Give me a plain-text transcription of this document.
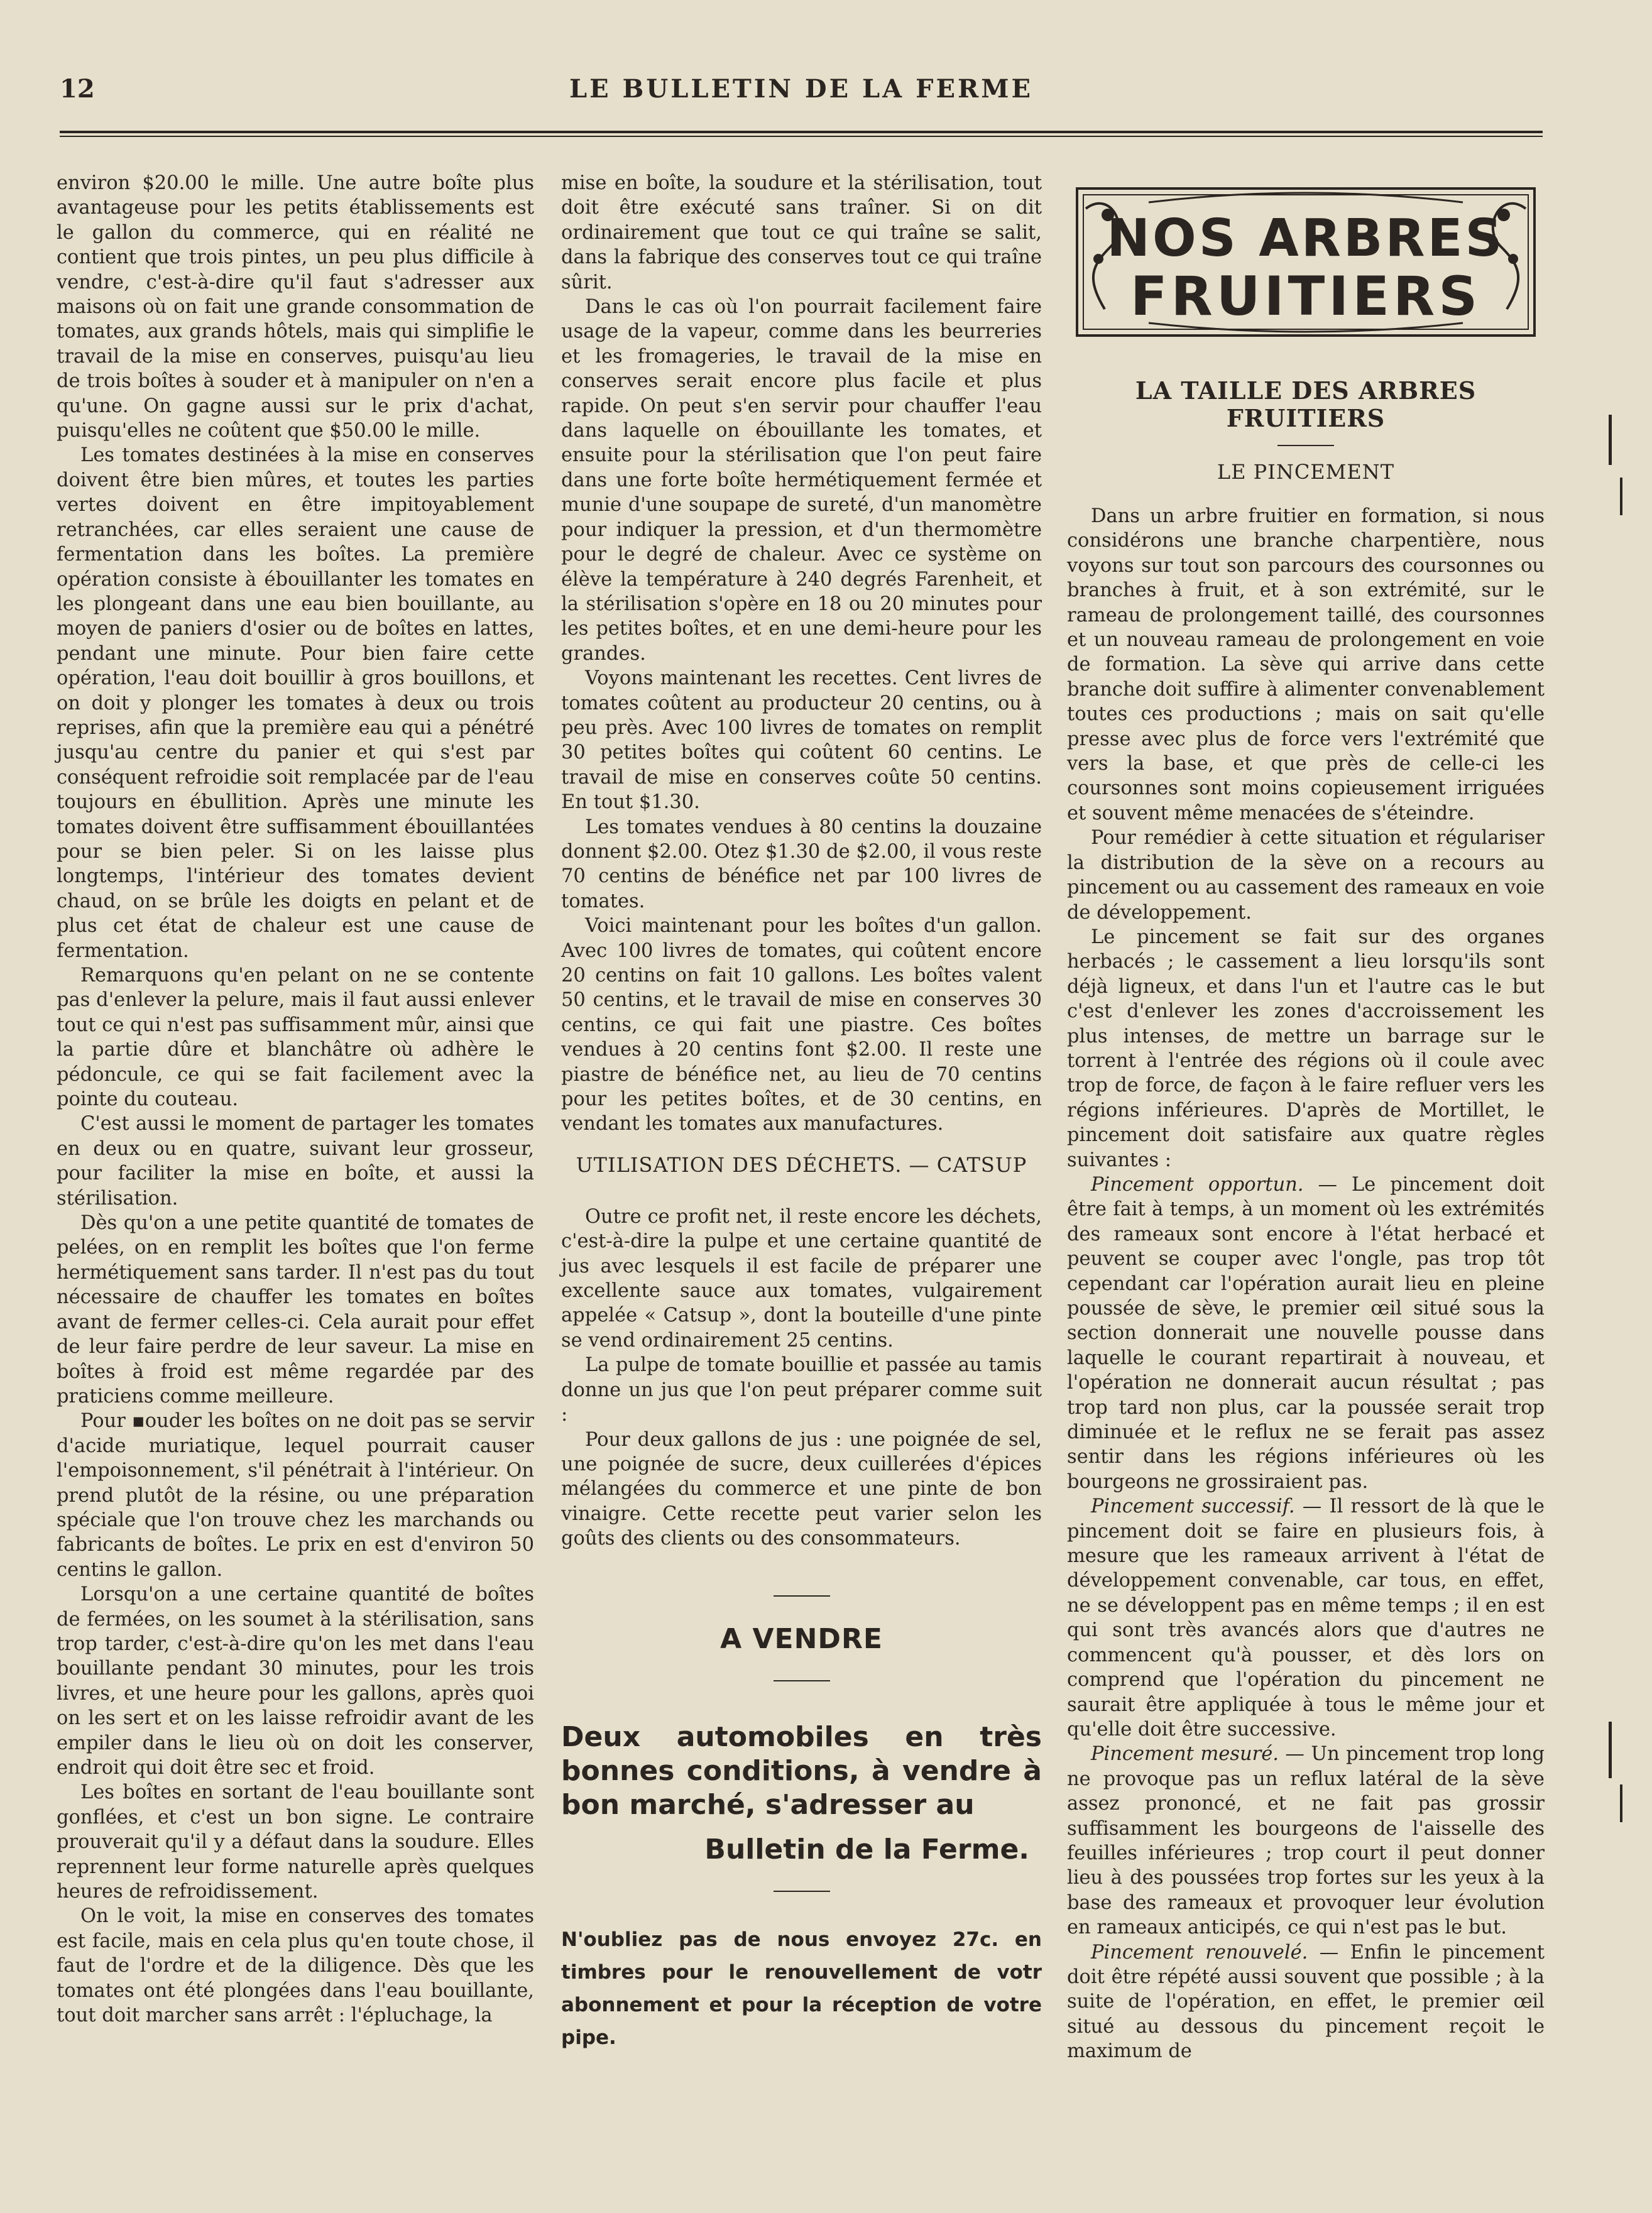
12	LE BULLETIN DE LA FERME

environ $20.00 le mille. Une autre boîte plus avantageuse pour les petits établissements est le gallon du commerce, qui en réalité ne contient que trois pintes, un peu plus difficile à vendre, c'est-à-dire qu'il faut s'adresser aux maisons où on fait une grande consommation de tomates, aux grands hôtels, mais qui simplifie le travail de la mise en conserves, puisqu'au lieu de trois boîtes à souder et à manipuler on n'en a qu'une. On gagne aussi sur le prix d'achat, puisqu'elles ne coûtent que $50.00 le mille.

Les tomates destinées à la mise en conserves doivent être bien mûres, et toutes les parties vertes doivent en être impitoyablement retranchées, car elles seraient une cause de fermentation dans les boîtes. La première opération consiste à ébouillanter les tomates en les plongeant dans une eau bien bouillante, au moyen de paniers d'osier ou de boîtes en lattes, pendant une minute. Pour bien faire cette opération, l'eau doit bouillir à gros bouillons, et on doit y plonger les tomates à deux ou trois reprises, afin que la première eau qui a pénétré jusqu'au centre du panier et qui s'est par conséquent refroidie soit remplacée par de l'eau toujours en ébullition. Après une minute les tomates doivent être suffisamment ébouillantées pour se bien peler. Si on les laisse plus longtemps, l'intérieur des tomates devient chaud, on se brûle les doigts en pelant et de plus cet état de chaleur est une cause de fermentation.

Remarquons qu'en pelant on ne se contente pas d'enlever la pelure, mais il faut aussi enlever tout ce qui n'est pas suffisamment mûr, ainsi que la partie dûre et blanchâtre où adhère le pédoncule, ce qui se fait facilement avec la pointe du couteau.

C'est aussi le moment de partager les tomates en deux ou en quatre, suivant leur grosseur, pour faciliter la mise en boîte, et aussi la stérilisation.

Dès qu'on a une petite quantité de tomates de pelées, on en remplit les boîtes que l'on ferme hermétiquement sans tarder. Il n'est pas du tout nécessaire de chauffer les tomates en boîtes avant de fermer celles-ci. Cela aurait pour effet de leur faire perdre de leur saveur. La mise en boîtes à froid est même regardée par des praticiens comme meilleure.

Pour ▪ouder les boîtes on ne doit pas se servir d'acide muriatique, lequel pourrait causer l'empoisonnement, s'il pénétrait à l'intérieur. On prend plutôt de la résine, ou une préparation spéciale que l'on trouve chez les marchands ou fabricants de boîtes. Le prix en est d'environ 50 centins le gallon.

Lorsqu'on a une certaine quantité de boîtes de fermées, on les soumet à la stérilisation, sans trop tarder, c'est-à-dire qu'on les met dans l'eau bouillante pendant 30 minutes, pour les trois livres, et une heure pour les gallons, après quoi on les sert et on les laisse refroidir avant de les empiler dans le lieu où on doit les conserver, endroit qui doit être sec et froid.

Les boîtes en sortant de l'eau bouillante sont gonflées, et c'est un bon signe. Le contraire prouverait qu'il y a défaut dans la soudure. Elles reprennent leur forme naturelle après quelques heures de refroidissement.

On le voit, la mise en conserves des tomates est facile, mais en cela plus qu'en toute chose, il faut de l'ordre et de la diligence. Dès que les tomates ont été plongées dans l'eau bouillante, tout doit marcher sans arrêt : l'épluchage, la

mise en boîte, la soudure et la stérilisation, tout doit être exécuté sans traîner. Si on dit ordinairement que tout ce qui traîne se salit, dans la fabrique des conserves tout ce qui traîne sûrit.

Dans le cas où l'on pourrait facilement faire usage de la vapeur, comme dans les beurreries et les fromageries, le travail de la mise en conserves serait encore plus facile et plus rapide. On peut s'en servir pour chauffer l'eau dans laquelle on ébouillante les tomates, et ensuite pour la stérilisation que l'on peut faire dans une forte boîte hermétiquement fermée et munie d'une soupape de sureté, d'un manomètre pour indiquer la pression, et d'un thermomètre pour le degré de chaleur. Avec ce système on élève la température à 240 degrés Farenheit, et la stérilisation s'opère en 18 ou 20 minutes pour les petites boîtes, et en une demi-heure pour les grandes.

Voyons maintenant les recettes. Cent livres de tomates coûtent au producteur 20 centins, ou à peu près. Avec 100 livres de tomates on remplit 30 petites boîtes qui coûtent 60 centins. Le travail de mise en conserves coûte 50 centins. En tout $1.30.

Les tomates vendues à 80 centins la douzaine donnent $2.00. Otez $1.30 de $2.00, il vous reste 70 centins de bénéfice net par 100 livres de tomates.

Voici maintenant pour les boîtes d'un gallon. Avec 100 livres de tomates, qui coûtent encore 20 centins on fait 10 gallons. Les boîtes valent 50 centins, et le travail de mise en conserves 30 centins, ce qui fait une piastre. Ces boîtes vendues à 20 centins font $2.00. Il reste une piastre de bénéfice net, au lieu de 70 centins pour les petites boîtes, et de 30 centins, en vendant les tomates aux manufactures.

UTILISATION DES DÉCHETS. — CATSUP

Outre ce profit net, il reste encore les déchets, c'est-à-dire la pulpe et une certaine quantité de jus avec lesquels il est facile de préparer une excellente sauce aux tomates, vulgairement appelée « Catsup », dont la bouteille d'une pinte se vend ordinairement 25 centins.

La pulpe de tomate bouillie et passée au tamis donne un jus que l'on peut préparer comme suit :

Pour deux gallons de jus : une poignée de sel, une poignée de sucre, deux cuillerées d'épices mélangées du commerce et une pinte de bon vinaigre. Cette recette peut varier selon les goûts des clients ou des consommateurs.

A VENDRE
Deux automobiles en très bonnes conditions, à vendre à bon marché, s'adresser au
Bulletin de la Ferme.
N'oubliez pas de nous envoyez 27c. en timbres pour le renouvellement de votr abonnement et pour la réception de votre pipe.
NOS ARBRES
FRUITIERS
LA TAILLE DES ARBRES FRUITIERS
LE PINCEMENT

Dans un arbre fruitier en formation, si nous considérons une branche charpentière, nous voyons sur tout son parcours des coursonnes ou branches à fruit, et à son extrémité, sur le rameau de prolongement taillé, des coursonnes et un nouveau rameau de prolongement en voie de formation. La sève qui arrive dans cette branche doit suffire à alimenter convenablement toutes ces productions ; mais on sait qu'elle presse avec plus de force vers l'extrémité que vers la base, et que près de celle-ci les coursonnes sont moins copieusement irriguées et souvent même menacées de s'éteindre.

Pour remédier à cette situation et régulariser la distribution de la sève on a recours au pincement ou au cassement des rameaux en voie de développement.

Le pincement se fait sur des organes herbacés ; le cassement a lieu lorsqu'ils sont déjà ligneux, et dans l'un et l'autre cas le but c'est d'enlever les zones d'accroissement les plus intenses, de mettre un barrage sur le torrent à l'entrée des régions où il coule avec trop de force, de façon à le faire refluer vers les régions inférieures. D'après de Mortillet, le pincement doit satisfaire aux quatre règles suivantes :

Pincement opportun. — Le pincement doit être fait à temps, à un moment où les extrémités des rameaux sont encore à l'état herbacé et peuvent se couper avec l'ongle, pas trop tôt cependant car l'opération aurait lieu en pleine poussée de sève, le premier œil situé sous la section donnerait une nouvelle pousse dans laquelle le courant repartirait à nouveau, et l'opération ne donnerait aucun résultat ; pas trop tard non plus, car la poussée serait trop diminuée et le reflux ne se ferait pas assez sentir dans les régions inférieures où les bourgeons ne grossiraient pas.

Pincement successif. — Il ressort de là que le pincement doit se faire en plusieurs fois, à mesure que les rameaux arrivent à l'état de développement convenable, car tous, en effet, ne se développent pas en même temps ; il en est qui sont très avancés alors que d'autres ne commencent qu'à pousser, et dès lors on comprend que l'opération du pincement ne saurait être appliquée à tous le même jour et qu'elle doit être successive.

Pincement mesuré. — Un pincement trop long ne provoque pas un reflux latéral de la sève assez prononcé, et ne fait pas grossir suffisamment les bourgeons de l'aisselle des feuilles inférieures ; trop court il peut donner lieu à des poussées trop fortes sur les yeux à la base des rameaux et provoquer leur évolution en rameaux anticipés, ce qui n'est pas le but.

Pincement renouvelé. — Enfin le pincement doit être répété aussi souvent que possible ; à la suite de l'opération, en effet, le premier œil situé au dessous du pincement reçoit le maximum de
